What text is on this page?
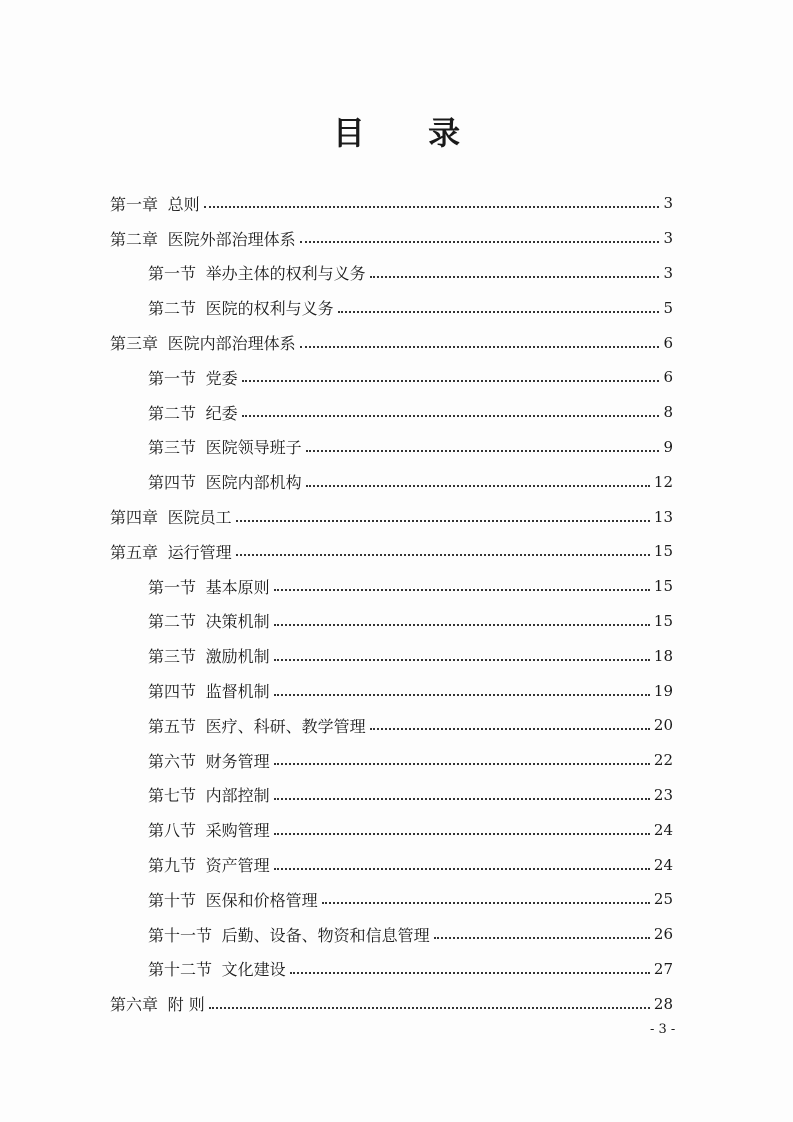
目 录
第一章 总则	3
第二章 医院外部治理体系	3
第一节 举办主体的权利与义务	3
第二节 医院的权利与义务	5
第三章 医院内部治理体系	6
第一节 党委	6
第二节 纪委	8
第三节 医院领导班子	9
第四节 医院内部机构	12
第四章 医院员工	13
第五章 运行管理	15
第一节 基本原则	15
第二节 决策机制	15
第三节 激励机制	18
第四节 监督机制	19
第五节 医疗、科研、教学管理	20
第六节 财务管理	22
第七节 内部控制	23
第八节 采购管理	24
第九节 资产管理	24
第十节 医保和价格管理	25
第十一节 后勤、设备、物资和信息管理	26
第十二节 文化建设	27
第六章 附 则	28
- 3 -
